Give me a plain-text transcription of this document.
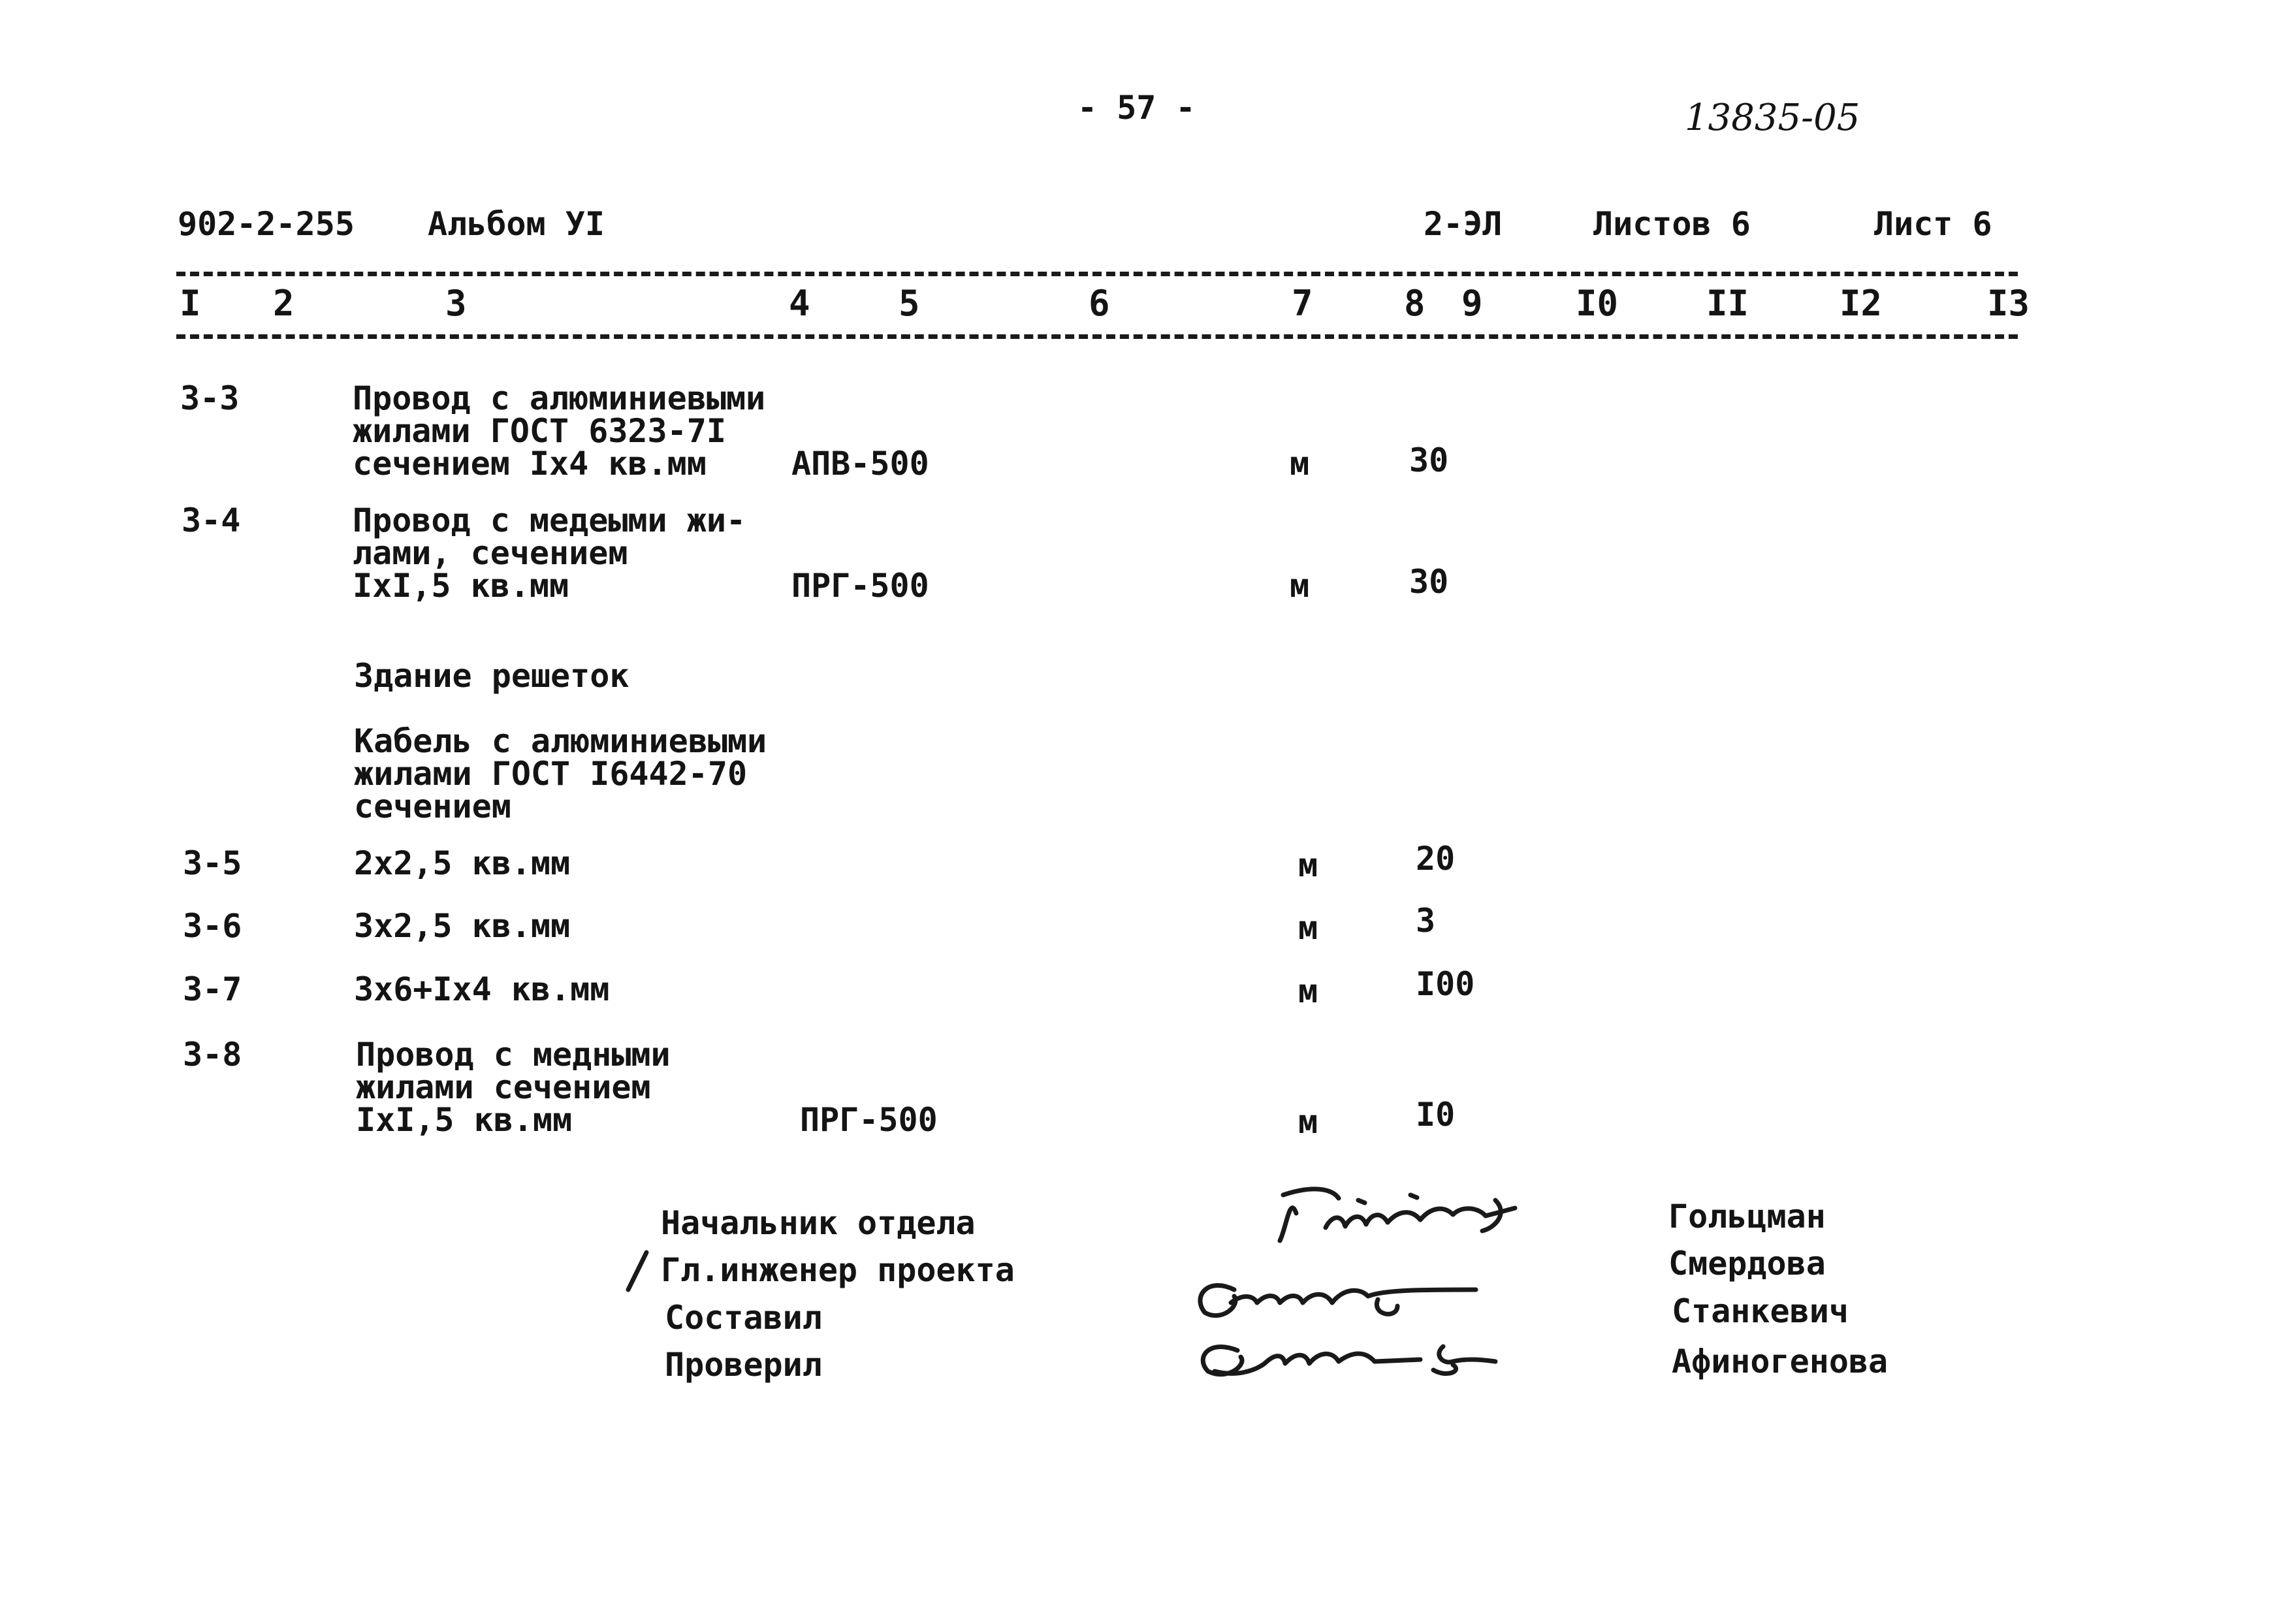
- 57 -	13835-05
902-2-255 Альбом УI	2-ЭЛ	Листов 6	Лист 6
I 2	3	4	5	6	7	8 9	I0 II	I2	I3
3-3	Провод с алюминиевыми
жилами ГОСТ 6323-7I
сечением Iх4 кв.мм	АПВ-500	м	30
3-4	Провод с медеыми жи-
лами, сечением
IхI,5 кв.мм	ПРГ-500	м	30
Здание решеток
Кабель с алюминиевыми
жилами ГОСТ I6442-70
сечением
3-5	2х2,5 кв.мм	м	20
3-6	3х2,5 кв.мм	м	3
3-7	3х6+Iх4 кв.мм	м	I00
3-8	Провод с медными
жилами сечением
IхI,5 кв.мм	ПРГ-500	м	I0
Начальник отдела
Гл.инженер проекта
Составил
Проверил
Гольцман
Смердова
Станкевич
Афиногенова
